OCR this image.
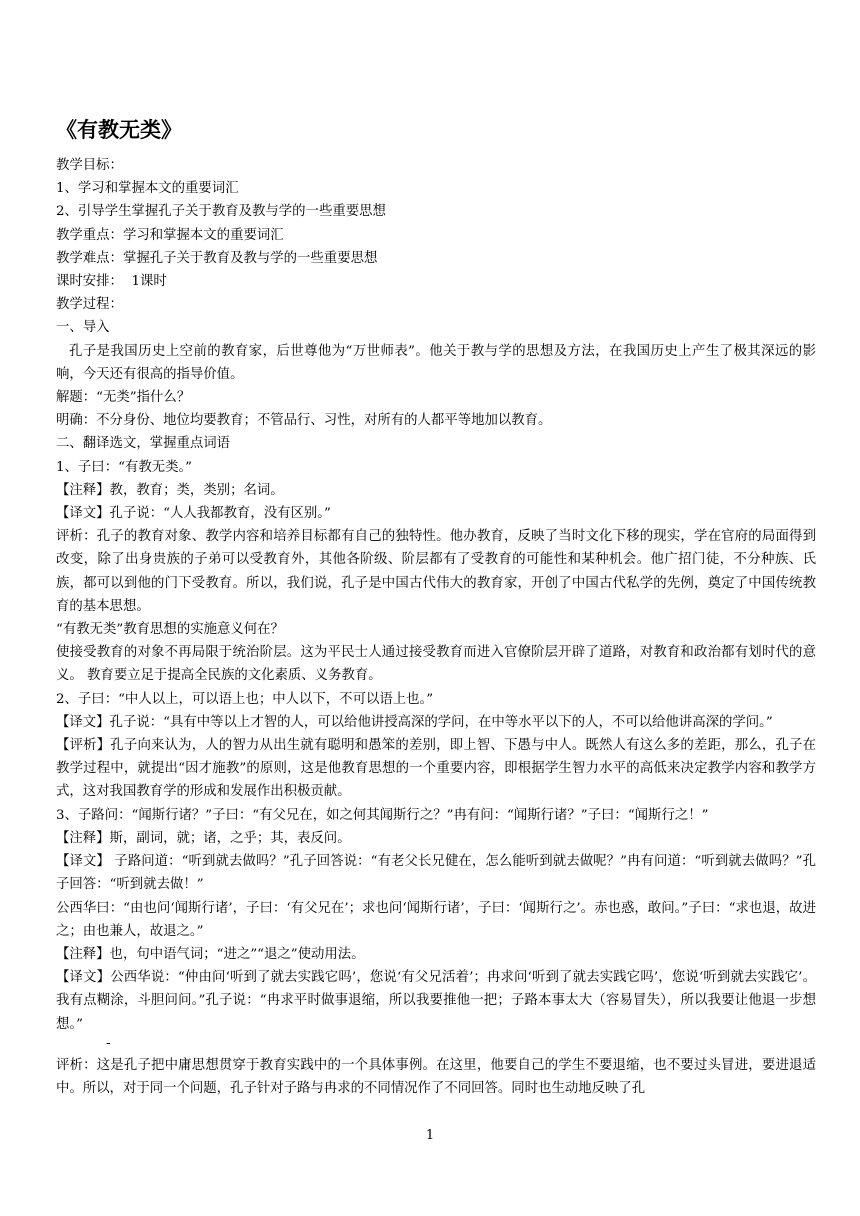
《有教无类》

教学目标：

1、学习和掌握本文的重要词汇

2、引导学生掌握孔子关于教育及教与学的一些重要思想

教学重点：学习和掌握本文的重要词汇

教学难点：掌握孔子关于教育及教与学的一些重要思想

课时安排：  1课时

教学过程：

一、导入

孔子是我国历史上空前的教育家，后世尊他为“万世师表”。他关于教与学的思想及方法，在我国历史上产生了极其深远的影响，今天还有很高的指导价值。

解题：“无类”指什么？

明确：不分身份、地位均要教育；不管品行、习性，对所有的人都平等地加以教育。

二、翻译选文，掌握重点词语

1、子曰：“有教无类。”

【注释】教，教育；类，类别；名词。

【译文】孔子说：“人人我都教育，没有区别。”

评析：孔子的教育对象、教学内容和培养目标都有自己的独特性。他办教育，反映了当时文化下移的现实，学在官府的局面得到改变，除了出身贵族的子弟可以受教育外，其他各阶级、阶层都有了受教育的可能性和某种机会。他广招门徒，不分种族、氏族，都可以到他的门下受教育。所以，我们说，孔子是中国古代伟大的教育家，开创了中国古代私学的先例，奠定了中国传统教育的基本思想。

“有教无类”教育思想的实施意义何在？

使接受教育的对象不再局限于统治阶层。这为平民士人通过接受教育而进入官僚阶层开辟了道路，对教育和政治都有划时代的意义。 教育要立足于提高全民族的文化素质、义务教育。

2、子曰：“中人以上，可以语上也；中人以下，不可以语上也。”

【译文】孔子说：“具有中等以上才智的人，可以给他讲授高深的学问，在中等水平以下的人，不可以给他讲高深的学问。”

【评析】孔子向来认为，人的智力从出生就有聪明和愚笨的差别，即上智、下愚与中人。既然人有这么多的差距，那么，孔子在教学过程中，就提出“因才施教”的原则，这是他教育思想的一个重要内容，即根据学生智力水平的高低来决定教学内容和教学方式，这对我国教育学的形成和发展作出积极贡献。

3、子路问：“闻斯行诸？”子曰：“有父兄在，如之何其闻斯行之？”冉有问：“闻斯行诸？”子曰：“闻斯行之！”

【注释】斯，副词，就；诸，之乎；其，表反问。

【译文】 子路问道：“听到就去做吗？”孔子回答说：“有老父长兄健在，怎么能听到就去做呢？”冉有问道：“听到就去做吗？”孔子回答：“听到就去做！”

公西华曰：“由也问‘闻斯行诸’，子曰：‘有父兄在’；求也问‘闻斯行诸’，子曰：‘闻斯行之’。赤也惑，敢问。”子曰：“求也退，故进之；由也兼人，故退之。”

【注释】也，句中语气词；“进之”“退之”使动用法。

【译文】公西华说：“仲由问‘听到了就去实践它吗’，您说‘有父兄活着’；冉求问‘听到了就去实践它吗’，您说‘听到就去实践它’。我有点糊涂，斗胆问问。”孔子说：“冉求平时做事退缩，所以我要推他一把；子路本事太大（容易冒失），所以我要让他退一步想想。”

-

评析：这是孔子把中庸思想贯穿于教育实践中的一个具体事例。在这里，他要自己的学生不要退缩，也不要过头冒进，要进退适中。所以，对于同一个问题，孔子针对子路与冉求的不同情况作了不同回答。同时也生动地反映了孔

1
